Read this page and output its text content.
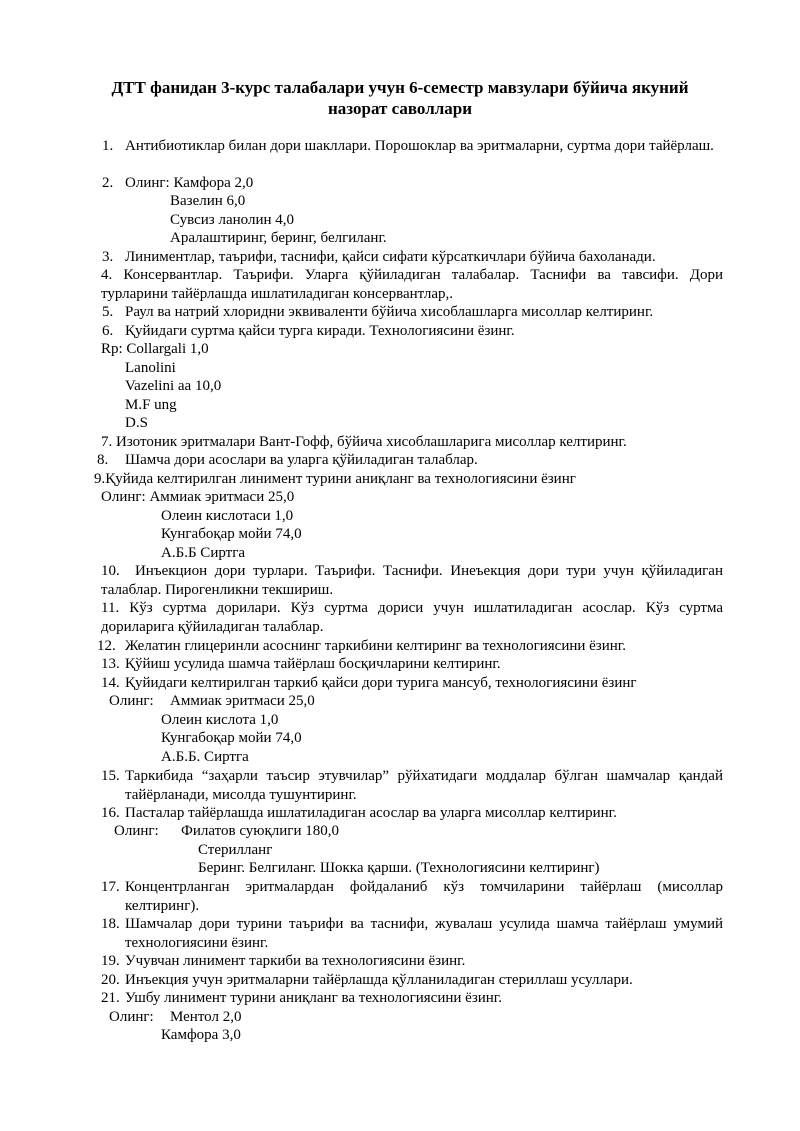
ДТТ фанидан 3-курс талабалари учун 6-семестр мавзулари бўйича якуний назорат саволлари
1. Антибиотиклар билан дори шакллари. Порошоклар ва эритмаларни, суртма дори тайёрлаш.
2. Олинг: Камфора 2,0
Вазелин 6,0
Сувсиз ланолин 4,0
Аралаштиринг, беринг, белгиланг.
3. Линиментлар, таърифи, таснифи, қайси сифати кўрсаткичлари бўйича бахоланади.
4. Консервантлар. Таърифи. Уларга қўйиладиган талабалар. Таснифи ва тавсифи. Дори турларини тайёрлашда ишлатиладиган консервантлар,.
5. Раул ва натрий хлоридни эквиваленти бўйича хисоблашларга мисоллар келтиринг.
6. Қуйидаги суртма қайси турга киради. Технологиясини ёзинг.
Rp: Collargali 1,0
Lanolini
Vazelini aa 10,0
M.F ung
D.S
7. Изотоник эритмалари Вант-Гофф, бўйича хисоблашларига мисоллар келтиринг.
8. Шамча дори асослари ва уларга қўйиладиган талаблар.
9.Қуйида келтирилган линимент турини аниқланг ва технологиясини ёзинг
Олинг: Аммиак эритмаси 25,0
Олеин кислотаси 1,0
Кунгабоқар мойи 74,0
А.Б.Б Сиртга
10. Инъекцион дори турлари. Таърифи. Таснифи. Инеъекция дори тури учун қўйиладиган талаблар. Пирогенликни текшириш.
11. Кўз суртма дорилари. Кўз суртма дориси учун ишлатиладиган асослар. Кўз суртма дориларига қўйиладиган талаблар.
12. Желатин глицеринли асоснинг таркибини келтиринг ва технологиясини ёзинг.
13. Қўйиш усулида шамча тайёрлаш босқичларини келтиринг.
14. Қуйидаги келтирилган таркиб қайси дори турига мансуб, технологиясини ёзинг
Олинг: Аммиак эритмаси 25,0
Олеин кислота 1,0
Кунгабоқар мойи 74,0
А.Б.Б. Сиртга
15. Таркибида “заҳарли таъсир этувчилар” рўйхатидаги моддалар бўлган шамчалар қандай тайёрланади, мисолда тушунтиринг.
16. Пасталар тайёрлашда ишлатиладиган асослар ва уларга мисоллар келтиринг.
Олинг: Филатов суюқлиги 180,0
Стерилланг
Беринг. Белгиланг. Шокка қарши. (Технологиясини келтиринг)
17. Концентрланган эритмалардан фойдаланиб кўз томчиларини тайёрлаш (мисоллар келтиринг).
18. Шамчалар дори турини таърифи ва таснифи, жувалаш усулида шамча тайёрлаш умумий технологиясини ёзинг.
19. Учувчан линимент таркиби ва технологиясини ёзинг.
20. Инъекция учун эритмаларни тайёрлашда қўлланиладиган стериллаш усуллари.
21. Ушбу линимент турини аниқланг ва технологиясини ёзинг.
Олинг: Ментол 2,0
Камфора 3,0
